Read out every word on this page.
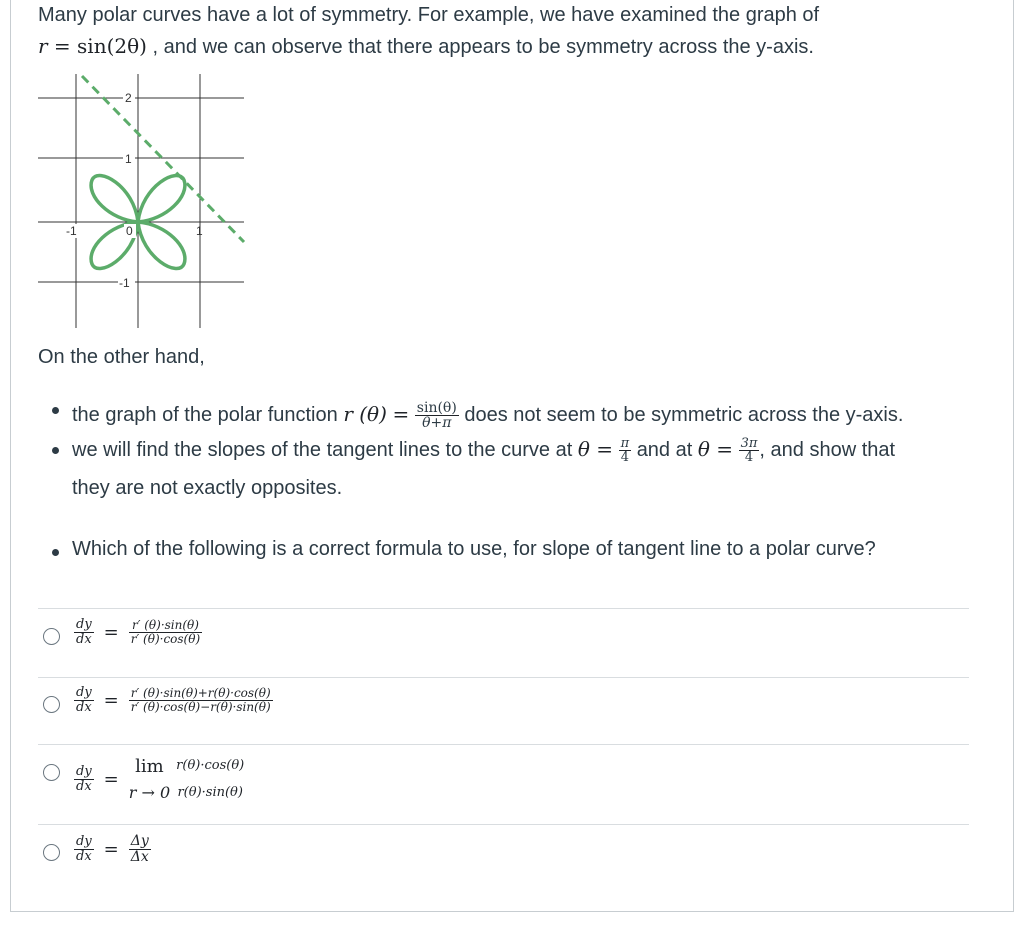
Many polar curves have a lot of symmetry. For example, we have examined the graph of
r = sin(2θ) , and we can observe that there appears to be symmetry across the y-axis.

2
1
-1
-1	0	1

On the other hand,

the graph of the polar function r $(\theta) = \frac{\sin(\theta)}{\theta+\pi}$ does not seem to be symmetric across the y-axis.
we will find the slopes of the tangent lines to the curve at $\theta = \frac{\pi}{4}$ and at $\theta = \frac{3\pi}{4}$ , and show that
they are not exactly opposites.

Which of the following is a correct formula to use, for slope of tangent line to a polar curve?

$\frac{dy}{dx} = \frac{r' (\theta)\cdot\sin(\theta)}{r' (\theta)\cdot\cos(\theta)}$
$\frac{dy}{dx} = \frac{r' (\theta)\cdot\sin(\theta)+r(\theta)\cdot\cos(\theta)}{r' (\theta)\cdot\cos(\theta)-r(\theta)\cdot\sin(\theta)}$
$\frac{dy}{dx}$ =
lim
r → 0
r(θ)·cos(θ)
r(θ)·sin(θ)
$\frac{dy}{dx} = \frac{\Delta y}{\Delta x}$
